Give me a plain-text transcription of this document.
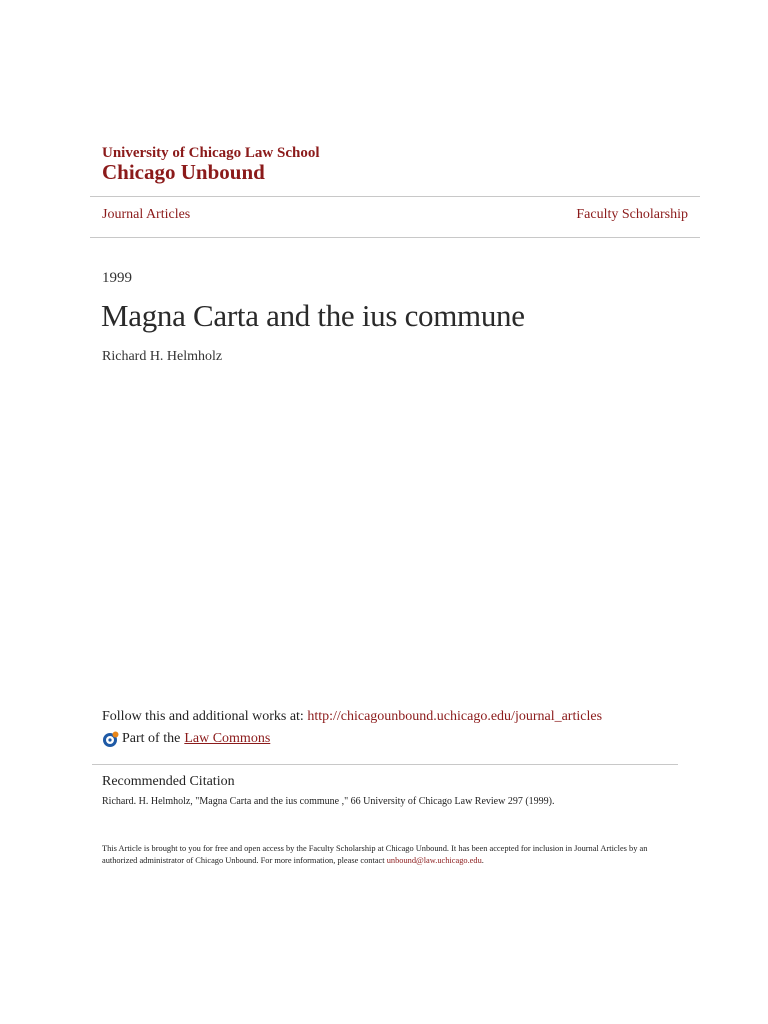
University of Chicago Law School
Chicago Unbound
Journal Articles	Faculty Scholarship
1999
Magna Carta and the ius commune
Richard H. Helmholz
Follow this and additional works at: http://chicagounbound.uchicago.edu/journal_articles
Part of the Law Commons
Recommended Citation
Richard. H. Helmholz, "Magna Carta and the ius commune ," 66 University of Chicago Law Review 297 (1999).
This Article is brought to you for free and open access by the Faculty Scholarship at Chicago Unbound. It has been accepted for inclusion in Journal Articles by an authorized administrator of Chicago Unbound. For more information, please contact unbound@law.uchicago.edu.
